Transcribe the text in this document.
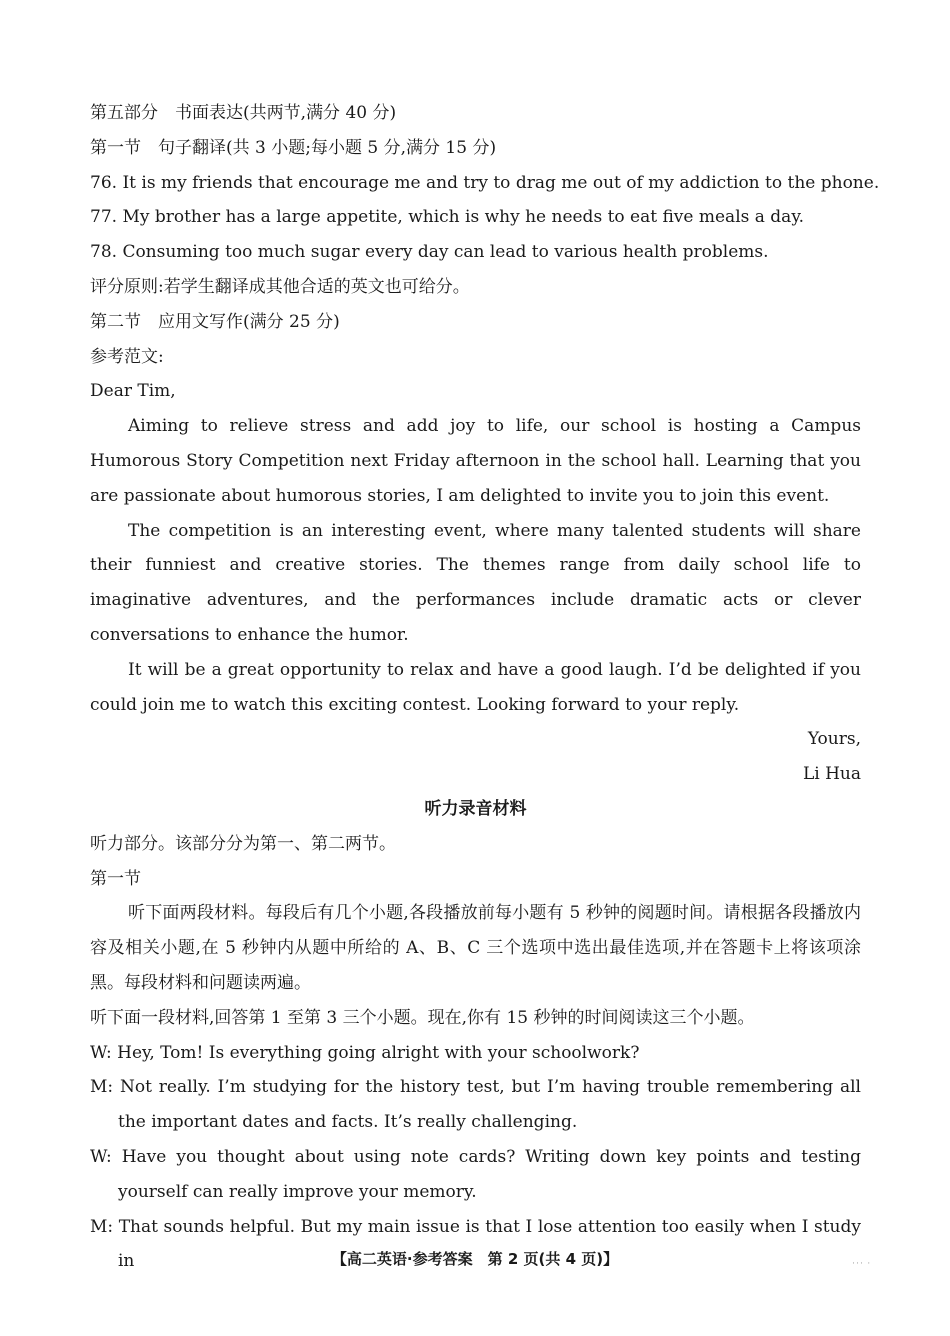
第五部分　书面表达(共两节,满分 40 分)
第一节　句子翻译(共 3 小题;每小题 5 分,满分 15 分)
76. It is my friends that encourage me and try to drag me out of my addiction to the phone.
77. My brother has a large appetite, which is why he needs to eat five meals a day.
78. Consuming too much sugar every day can lead to various health problems.
评分原则:若学生翻译成其他合适的英文也可给分。
第二节　应用文写作(满分 25 分)
参考范文:
Dear Tim,
Aiming to relieve stress and add joy to life, our school is hosting a Campus Humorous Story Competition next Friday afternoon in the school hall. Learning that you are passionate about humorous stories, I am delighted to invite you to join this event.
The competition is an interesting event, where many talented students will share their funniest and creative stories. The themes range from daily school life to imaginative adventures, and the performances include dramatic acts or clever conversations to enhance the humor.
It will be a great opportunity to relax and have a good laugh. I’d be delighted if you could join me to watch this exciting contest. Looking forward to your reply.
Yours,
Li Hua
听力录音材料
听力部分。该部分分为第一、第二两节。
第一节
听下面两段材料。每段后有几个小题,各段播放前每小题有 5 秒钟的阅题时间。请根据各段播放内容及相关小题,在 5 秒钟内从题中所给的 A、B、C 三个选项中选出最佳选项,并在答题卡上将该项涂黑。每段材料和问题读两遍。
听下面一段材料,回答第 1 至第 3 三个小题。现在,你有 15 秒钟的时间阅读这三个小题。
W: Hey, Tom! Is everything going alright with your schoolwork?
M: Not really. I’m studying for the history test, but I’m having trouble remembering all the important dates and facts. It’s really challenging.
W: Have you thought about using note cards? Writing down key points and testing yourself can really improve your memory.
M: That sounds helpful. But my main issue is that I lose attention too easily when I study in	【高二英语·参考答案　第 2 页(共 4 页)】	··· ·
